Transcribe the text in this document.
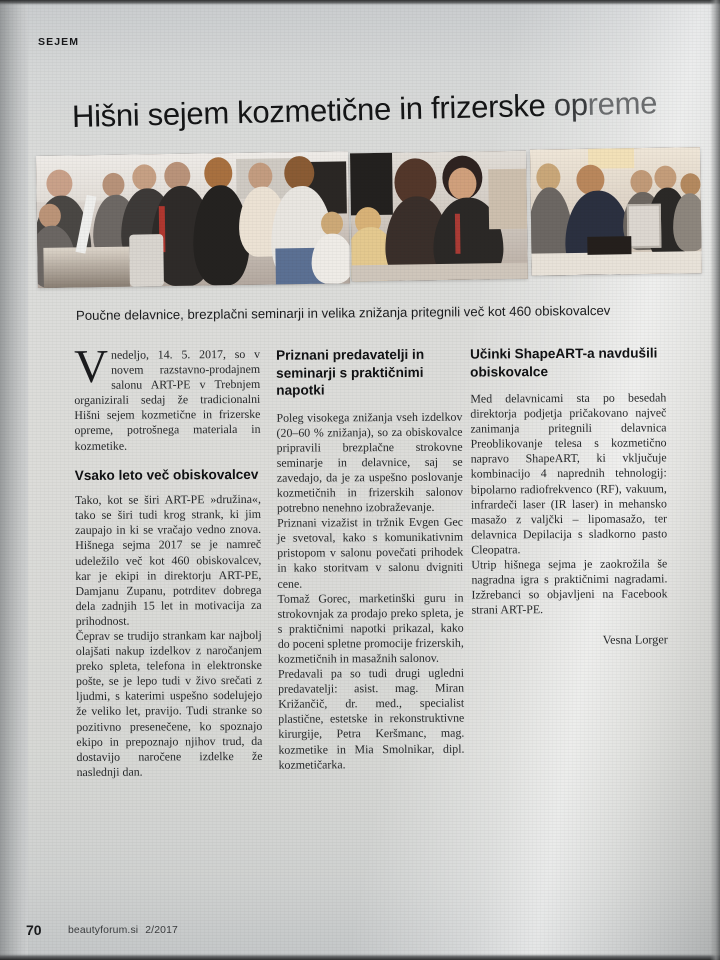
SEJEM
Hišni sejem kozmetične in frizerske opreme
Poučne delavnice, brezplačni seminarji in velika znižanja pritegnili več kot 460 obiskovalcev

Vnedeljo, 14. 5. 2017, so v novem razstavno-prodajnem salonu ART-PE v Trebnjem organizirali sedaj že tradicionalni Hišni sejem kozmetične in frizerske opreme, potrošnega materiala in kozmetike.

Vsako leto več obiskovalcev

Tako, kot se širi ART-PE »družina«, tako se širi tudi krog strank, ki jim zaupajo in ki se vračajo vedno znova. Hišnega sejma 2017 se je namreč udeležilo več kot 460 obiskovalcev, kar je ekipi in direktorju ART-PE, Damjanu Zupanu, potrditev dobrega dela zadnjih 15 let in motivacija za prihodnost.

Čeprav se trudijo strankam kar najbolj olajšati nakup izdelkov z naročanjem preko spleta, telefona in elektronske pošte, se je lepo tudi v živo srečati z ljudmi, s katerimi uspešno sodelujejo že veliko let, pravijo. Tudi stranke so pozitivno presenečene, ko spoznajo ekipo in prepoznajo njihov trud, da dostavijo naročene izdelke že naslednji dan.

Priznani predavatelji in seminarji s praktičnimi napotki

Poleg visokega znižanja vseh izdelkov (20–60 % znižanja), so za obiskovalce pripravili brezplačne strokovne seminarje in delavnice, saj se zavedajo, da je za uspešno poslovanje kozmetičnih in frizerskih salonov potrebno nenehno izobraževanje.

Priznani vizažist in tržnik Evgen Gec je svetoval, kako s komunikativnim pristopom v salonu povečati prihodek in kako storitvam v salonu dvigniti cene.

Tomaž Gorec, marketinški guru in strokovnjak za prodajo preko spleta, je s praktičnimi napotki prikazal, kako do poceni spletne promocije frizerskih, kozmetičnih in masažnih salonov.

Predavali pa so tudi drugi ugledni predavatelji: asist. mag. Miran Križančič, dr. med., specialist plastične, estetske in rekonstruktivne kirurgije, Petra Keršmanc, mag. kozmetike in Mia Smolnikar, dipl. kozmetičarka.

Učinki ShapeART-a navdušili obiskovalce

Med delavnicami sta po besedah direktorja podjetja pričakovano največ zanimanja pritegnili delavnica Preoblikovanje telesa s kozmetično napravo ShapeART, ki vključuje kombinacijo 4 naprednih tehnologij: bipolarno radiofrekvenco (RF), vakuum, infrardeči laser (IR laser) in mehansko masažo z valjčki – lipomasažo, ter delavnica Depilacija s sladkorno pasto Cleopatra.

Utrip hišnega sejma je zaokrožila še nagradna igra s praktičnimi nagradami. Izžrebanci so objavljeni na Facebook strani ART-PE.

Vesna Lorger
70	beautyforum.si 2/2017
